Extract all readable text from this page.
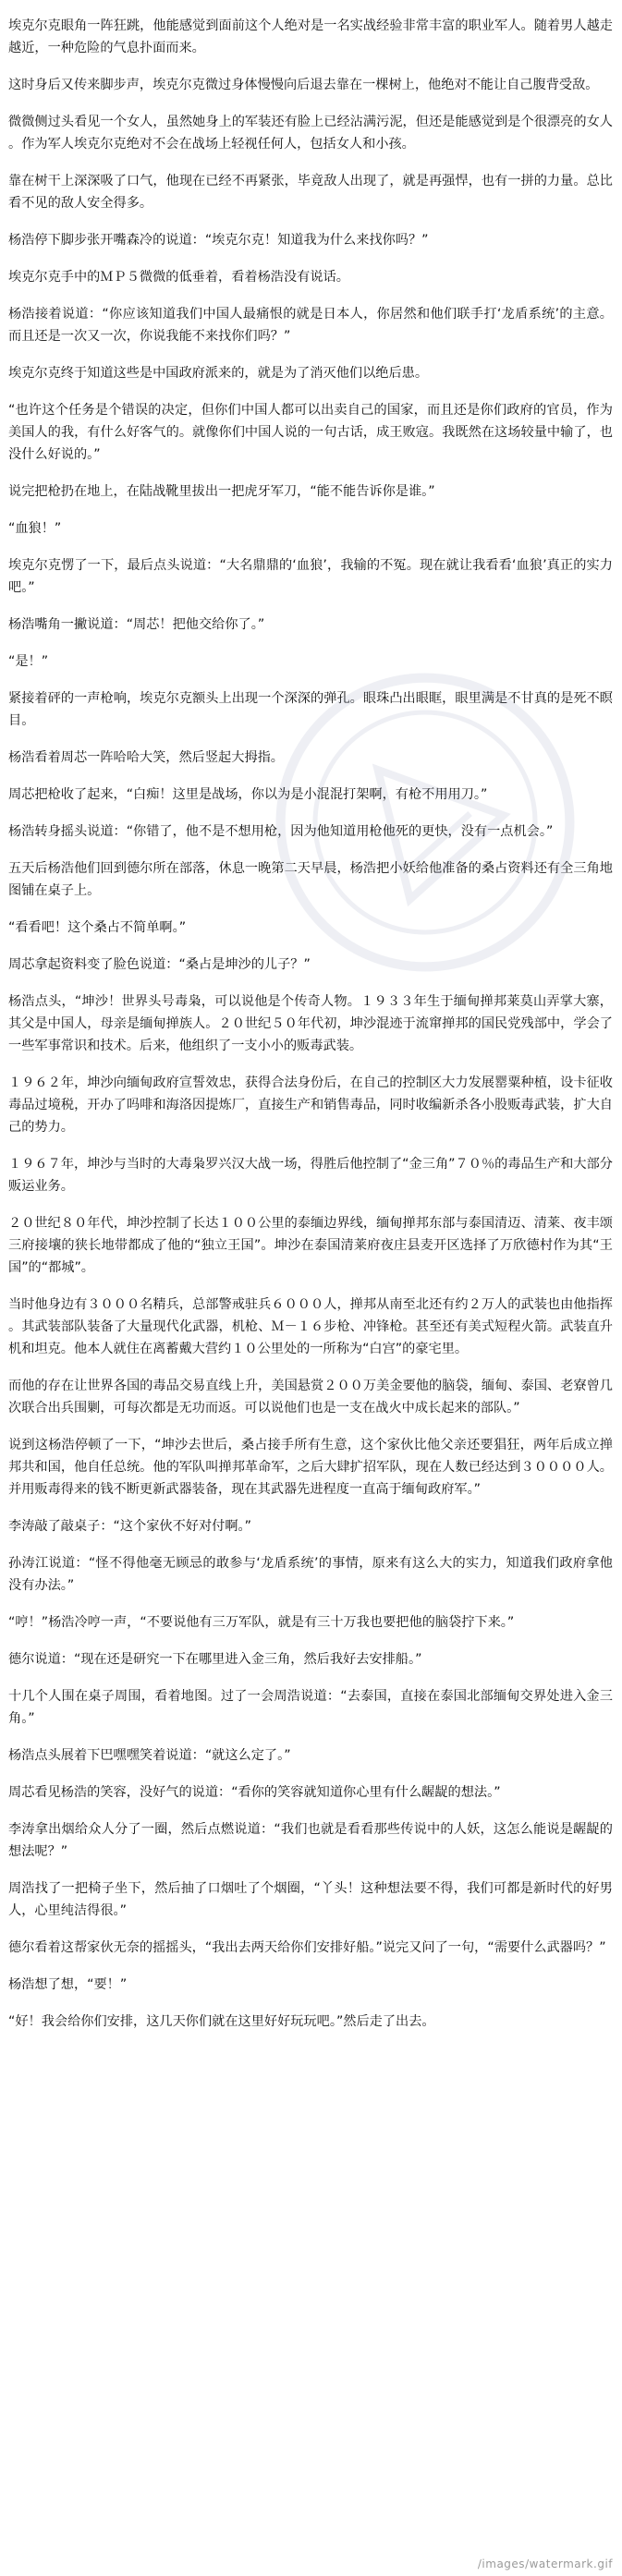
埃克尔克眼角一阵狂跳，他能感觉到面前这个人绝对是一名实战经验非常丰富的职业军人。随着男人越走越近，一种危险的气息扑面而来。

这时身后又传来脚步声，埃克尔克微过身体慢慢向后退去靠在一棵树上，他绝对不能让自己腹背受敌。

微微侧过头看见一个女人，虽然她身上的军装还有脸上已经沾满污泥，但还是能感觉到是个很漂亮的女人。作为军人埃克尔克绝对不会在战场上轻视任何人，包括女人和小孩。

靠在树干上深深吸了口气，他现在已经不再紧张，毕竟敌人出现了，就是再强悍，也有一拼的力量。总比看不见的敌人安全得多。

杨浩停下脚步张开嘴森冷的说道：“埃克尔克！知道我为什么来找你吗？”

埃克尔克手中的ＭＰ５微微的低垂着，看着杨浩没有说话。

杨浩接着说道：“你应该知道我们中国人最痛恨的就是日本人，你居然和他们联手打‘龙盾系统’的主意。而且还是一次又一次，你说我能不来找你们吗？”

埃克尔克终于知道这些是中国政府派来的，就是为了消灭他们以绝后患。

“也许这个任务是个错误的决定，但你们中国人都可以出卖自己的国家，而且还是你们政府的官员，作为美国人的我，有什么好客气的。就像你们中国人说的一句古话，成王败寇。我既然在这场较量中输了，也没什么好说的。”

说完把枪扔在地上，在陆战靴里拔出一把虎牙军刀，“能不能告诉你是谁。”

“血狼！”

埃克尔克愣了一下，最后点头说道：“大名鼎鼎的‘血狼’，我输的不冤。现在就让我看看‘血狼’真正的实力吧。”

杨浩嘴角一撇说道：“周芯！把他交给你了。”

“是！”

紧接着砰的一声枪响，埃克尔克额头上出现一个深深的弹孔。眼珠凸出眼眶，眼里满是不甘真的是死不瞑目。

杨浩看着周芯一阵哈哈大笑，然后竖起大拇指。

周芯把枪收了起来，“白痴！这里是战场，你以为是小混混打架啊，有枪不用用刀。”

杨浩转身摇头说道：“你错了，他不是不想用枪，因为他知道用枪他死的更快，没有一点机会。”

五天后杨浩他们回到德尔所在部落，休息一晚第二天早晨，杨浩把小妖给他准备的桑占资料还有全三角地图铺在桌子上。

“看看吧！这个桑占不简单啊。”

周芯拿起资料变了脸色说道：“桑占是坤沙的儿子？”

杨浩点头，“坤沙！世界头号毒枭，可以说他是个传奇人物。１９３３年生于缅甸掸邦莱莫山弄掌大寨，其父是中国人，母亲是缅甸掸族人。２０世纪５０年代初，坤沙混迹于流窜掸邦的国民党残部中，学会了一些军事常识和技术。后来，他组织了一支小小的贩毒武装。

１９６２年，坤沙向缅甸政府宣誓效忠，获得合法身份后，在自己的控制区大力发展罂粟种植，设卡征收毒品过境税，开办了吗啡和海洛因提炼厂，直接生产和销售毒品，同时收编新杀各小股贩毒武装，扩大自己的势力。

１９６７年，坤沙与当时的大毒枭罗兴汉大战一场，得胜后他控制了“金三角”７０％的毒品生产和大部分贩运业务。

２０世纪８０年代，坤沙控制了长达１００公里的泰缅边界线，缅甸掸邦东部与泰国清迈、清莱、夜丰颂三府接壤的狭长地带都成了他的“独立王国”。坤沙在泰国清莱府夜庄县麦开区选择了万欣德村作为其“王国”的“都城”。

当时他身边有３０００名精兵，总部警戒驻兵６０００人，掸邦从南至北还有约２万人的武装也由他指挥。其武装部队装备了大量现代化武器，机枪、Ｍ－１６步枪、冲锋枪。甚至还有美式短程火箭。武装直升机和坦克。他本人就住在离蓄戴大营约１０公里处的一所称为“白宫”的豪宅里。

而他的存在让世界各国的毒品交易直线上升，美国悬赏２００万美金要他的脑袋，缅甸、泰国、老寮曾几次联合出兵围剿，可每次都是无功而返。可以说他们也是一支在战火中成长起来的部队。”

说到这杨浩停顿了一下，“坤沙去世后，桑占接手所有生意，这个家伙比他父亲还要猖狂，两年后成立掸邦共和国，他自任总统。他的军队叫掸邦革命军，之后大肆扩招军队，现在人数已经达到３００００人。并用贩毒得来的钱不断更新武器装备，现在其武器先进程度一直高于缅甸政府军。”

李涛敲了敲桌子：“这个家伙不好对付啊。”

孙涛江说道：“怪不得他毫无顾忌的敢参与‘龙盾系统’的事情，原来有这么大的实力，知道我们政府拿他没有办法。”

“哼！”杨浩冷哼一声，“不要说他有三万军队，就是有三十万我也要把他的脑袋拧下来。”

德尔说道：“现在还是研究一下在哪里进入金三角，然后我好去安排船。”

十几个人围在桌子周围，看着地图。过了一会周浩说道：“去泰国，直接在泰国北部缅甸交界处进入金三角。”

杨浩点头展着下巴嘿嘿笑着说道：“就这么定了。”

周芯看见杨浩的笑容，没好气的说道：“看你的笑容就知道你心里有什么龌龊的想法。”

李涛拿出烟给众人分了一圈，然后点燃说道：“我们也就是看看那些传说中的人妖，这怎么能说是龌龊的想法呢？”

周浩找了一把椅子坐下，然后抽了口烟吐了个烟圈，“丫头！这种想法要不得，我们可都是新时代的好男人，心里纯洁得很。”

德尔看着这帮家伙无奈的摇摇头，“我出去两天给你们安排好船。”说完又问了一句，“需要什么武器吗？”

杨浩想了想，“要！”

“好！我会给你们安排，这几天你们就在这里好好玩玩吧。”然后走了出去。

/images/watermark.gif
